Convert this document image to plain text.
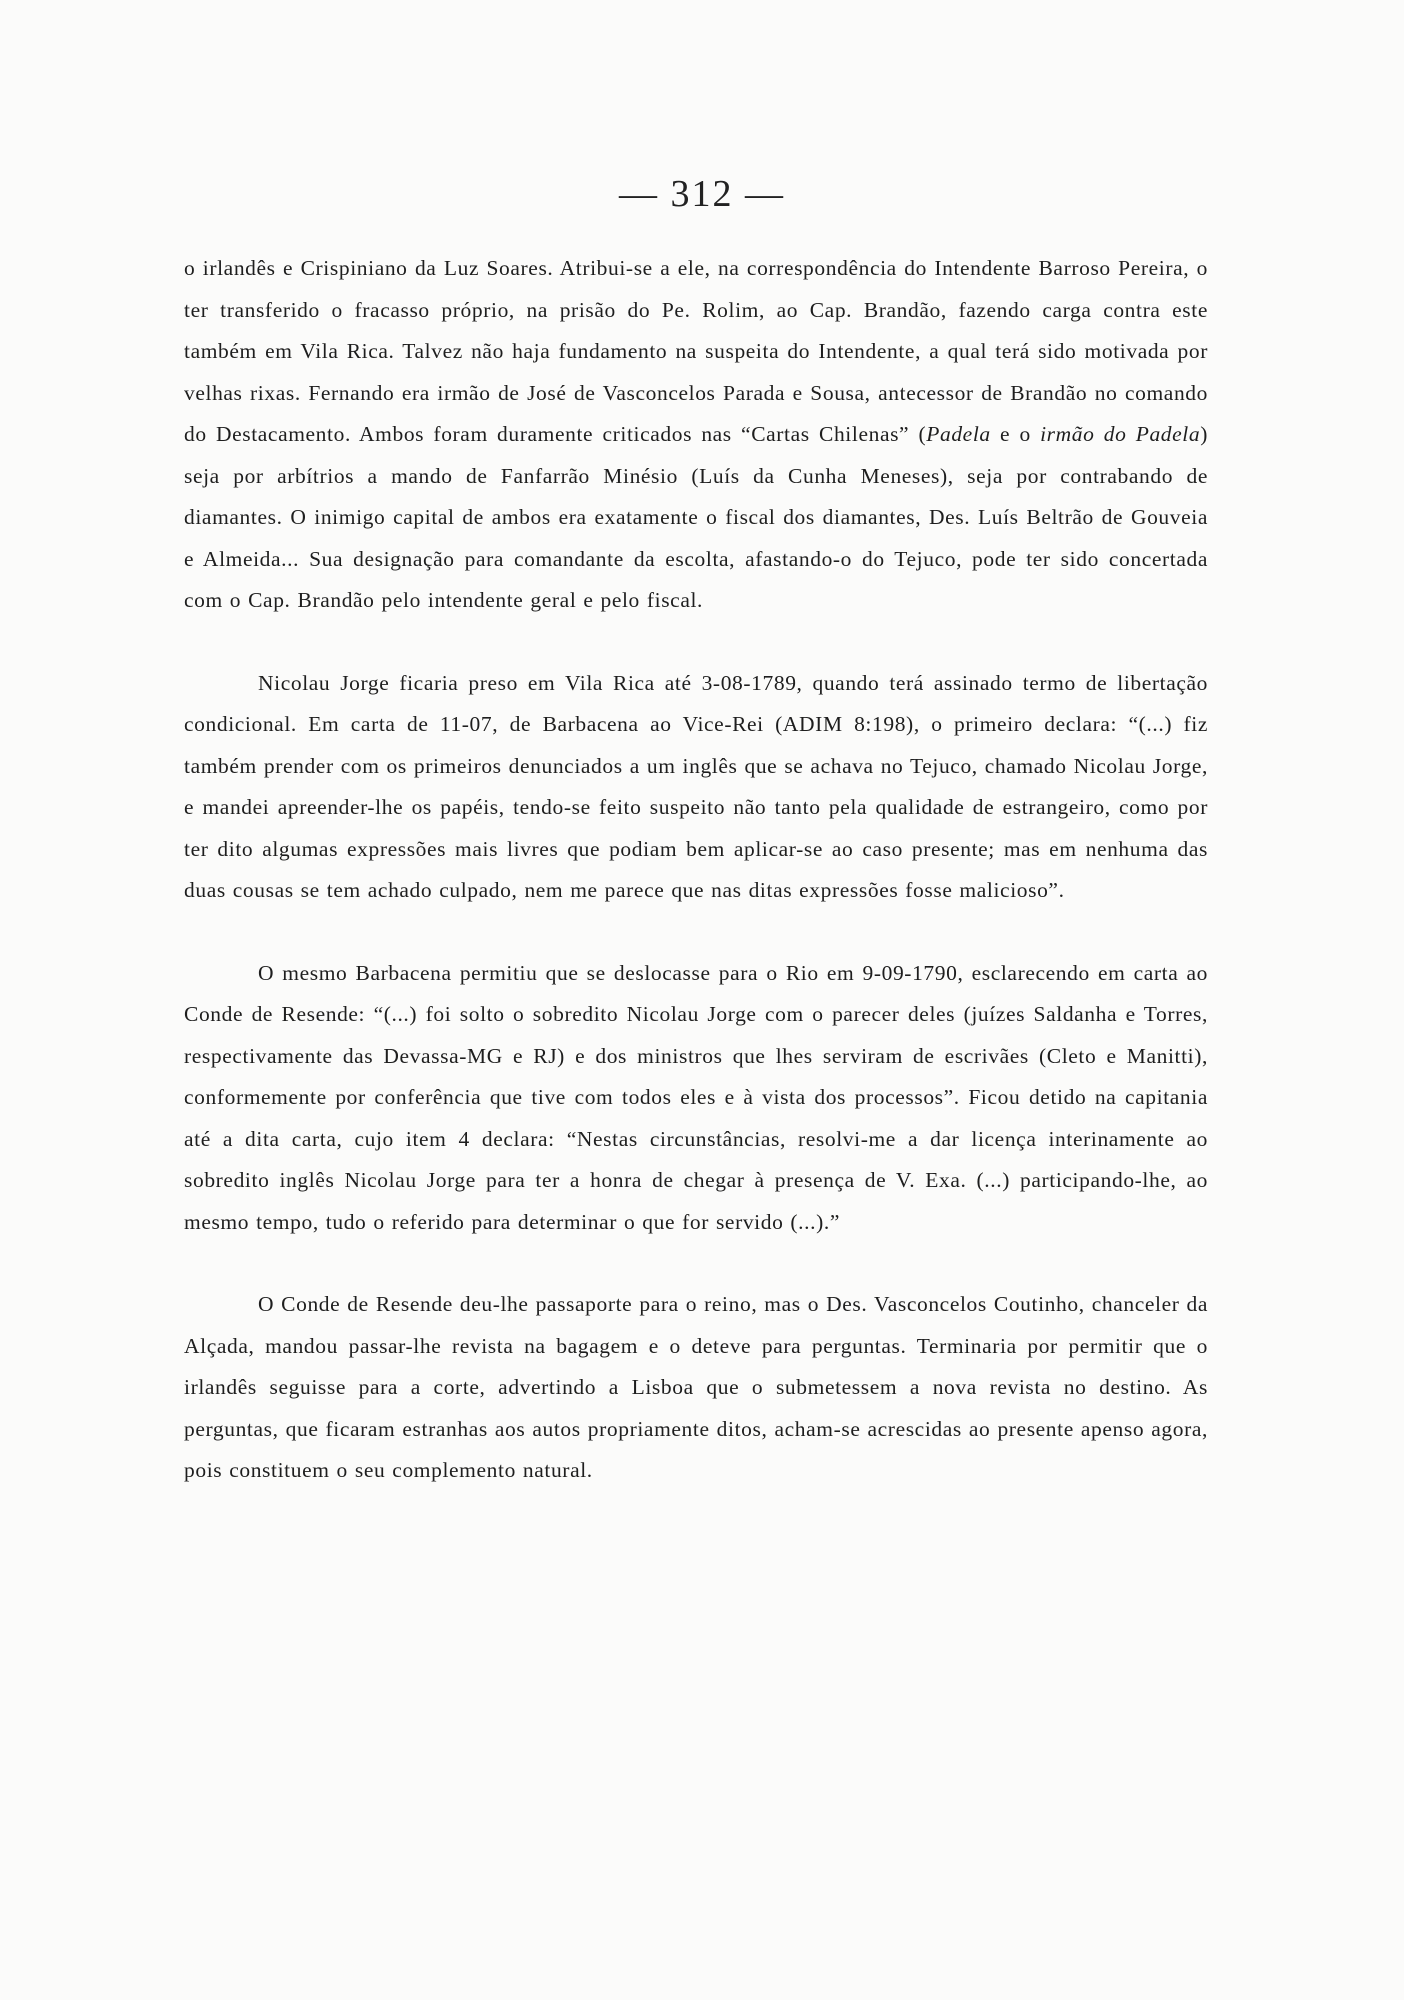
— 312 —

o irlandês e Crispiniano da Luz Soares. Atribui-se a ele, na correspondência do Intendente Barroso Pereira, o ter transferido o fracasso próprio, na prisão do Pe. Rolim, ao Cap. Brandão, fazendo carga contra este também em Vila Rica. Talvez não haja fundamento na suspeita do Intendente, a qual terá sido motivada por velhas rixas. Fernando era irmão de José de Vasconcelos Parada e Sousa, antecessor de Brandão no comando do Destacamento. Ambos foram duramente criticados nas “Cartas Chilenas” (Padela e o irmão do Padela) seja por arbítrios a mando de Fanfarrão Minésio (Luís da Cunha Meneses), seja por contrabando de diamantes. O inimigo capital de ambos era exatamente o fiscal dos diamantes, Des. Luís Beltrão de Gouveia e Almeida... Sua designação para comandante da escolta, afastando-o do Tejuco, pode ter sido concertada com o Cap. Brandão pelo intendente geral e pelo fiscal.

Nicolau Jorge ficaria preso em Vila Rica até 3-08-1789, quando terá assinado termo de libertação condicional. Em carta de 11-07, de Barbacena ao Vice-Rei (ADIM 8:198), o primeiro declara: “(...) fiz também prender com os primeiros denunciados a um inglês que se achava no Tejuco, chamado Nicolau Jorge, e mandei apreender-lhe os papéis, tendo-se feito suspeito não tanto pela qualidade de estrangeiro, como por ter dito algumas expressões mais livres que podiam bem aplicar-se ao caso presente; mas em nenhuma das duas cousas se tem achado culpado, nem me parece que nas ditas expressões fosse malicioso”.

O mesmo Barbacena permitiu que se deslocasse para o Rio em 9-09-1790, esclarecendo em carta ao Conde de Resende: “(...) foi solto o sobredito Nicolau Jorge com o parecer deles (juízes Saldanha e Torres, respectivamente das Devassa-MG e RJ) e dos ministros que lhes serviram de escrivães (Cleto e Manitti), conformemente por conferência que tive com todos eles e à vista dos processos”. Ficou detido na capitania até a dita carta, cujo item 4 declara: “Nestas circunstâncias, resolvi-me a dar licença interinamente ao sobredito inglês Nicolau Jorge para ter a honra de chegar à presença de V. Exa. (...) participando-lhe, ao mesmo tempo, tudo o referido para determinar o que for servido (...).”

O Conde de Resende deu-lhe passaporte para o reino, mas o Des. Vasconcelos Coutinho, chanceler da Alçada, mandou passar-lhe revista na bagagem e o deteve para perguntas. Terminaria por permitir que o irlandês seguisse para a corte, advertindo a Lisboa que o submetessem a nova revista no destino. As perguntas, que ficaram estranhas aos autos propriamente ditos, acham-se acrescidas ao presente apenso agora, pois constituem o seu complemento natural.
